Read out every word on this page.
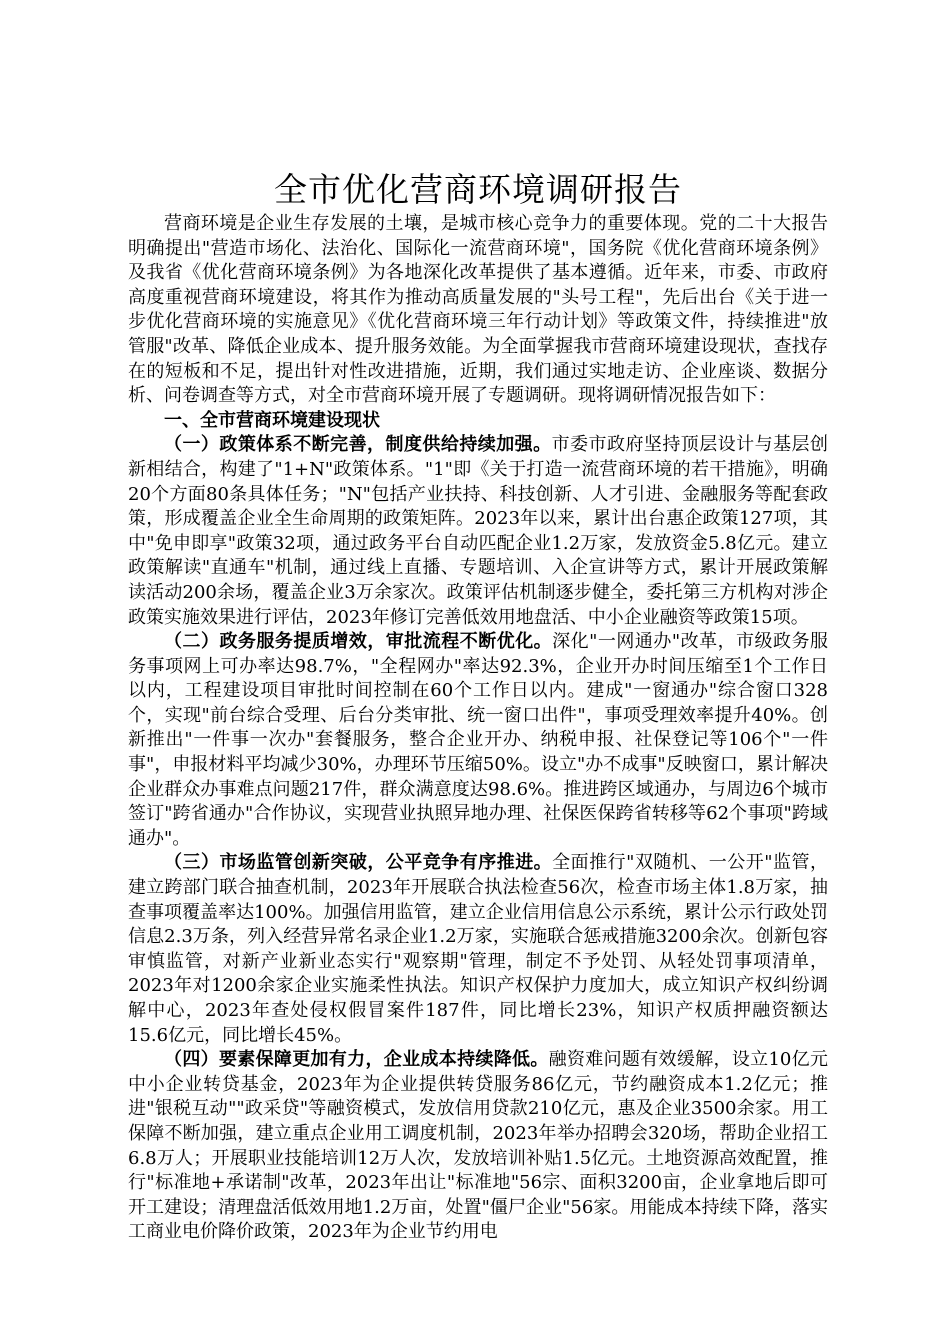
全市优化营商环境调研报告

营商环境是企业生存发展的土壤，是城市核心竞争力的重要体现。党的二十大报告明确提出"营造市场化、法治化、国际化一流营商环境"，国务院《优化营商环境条例》及我省《优化营商环境条例》为各地深化改革提供了基本遵循。近年来，市委、市政府高度重视营商环境建设，将其作为推动高质量发展的"头号工程"，先后出台《关于进一步优化营商环境的实施意见》《优化营商环境三年行动计划》等政策文件，持续推进"放管服"改革、降低企业成本、提升服务效能。为全面掌握我市营商环境建设现状，查找存在的短板和不足，提出针对性改进措施，近期，我们通过实地走访、企业座谈、数据分析、问卷调查等方式，对全市营商环境开展了专题调研。现将调研情况报告如下：

一、全市营商环境建设现状

（一）政策体系不断完善，制度供给持续加强。市委市政府坚持顶层设计与基层创新相结合，构建了"1+N"政策体系。"1"即《关于打造一流营商环境的若干措施》，明确20个方面80条具体任务；"N"包括产业扶持、科技创新、人才引进、金融服务等配套政策，形成覆盖企业全生命周期的政策矩阵。2023年以来，累计出台惠企政策127项，其中"免申即享"政策32项，通过政务平台自动匹配企业1.2万家，发放资金5.8亿元。建立政策解读"直通车"机制，通过线上直播、专题培训、入企宣讲等方式，累计开展政策解读活动200余场，覆盖企业3万余家次。政策评估机制逐步健全，委托第三方机构对涉企政策实施效果进行评估，2023年修订完善低效用地盘活、中小企业融资等政策15项。

（二）政务服务提质增效，审批流程不断优化。深化"一网通办"改革，市级政务服务事项网上可办率达98.7%，"全程网办"率达92.3%，企业开办时间压缩至1个工作日以内，工程建设项目审批时间控制在60个工作日以内。建成"一窗通办"综合窗口328个，实现"前台综合受理、后台分类审批、统一窗口出件"，事项受理效率提升40%。创新推出"一件事一次办"套餐服务，整合企业开办、纳税申报、社保登记等106个"一件事"，申报材料平均减少30%，办理环节压缩50%。设立"办不成事"反映窗口，累计解决企业群众办事难点问题217件，群众满意度达98.6%。推进跨区域通办，与周边6个城市签订"跨省通办"合作协议，实现营业执照异地办理、社保医保跨省转移等62个事项"跨域通办"。

（三）市场监管创新突破，公平竞争有序推进。全面推行"双随机、一公开"监管，建立跨部门联合抽查机制，2023年开展联合执法检查56次，检查市场主体1.8万家，抽查事项覆盖率达100%。加强信用监管，建立企业信用信息公示系统，累计公示行政处罚信息2.3万条，列入经营异常名录企业1.2万家，实施联合惩戒措施3200余次。创新包容审慎监管，对新产业新业态实行"观察期"管理，制定不予处罚、从轻处罚事项清单，2023年对1200余家企业实施柔性执法。知识产权保护力度加大，成立知识产权纠纷调解中心，2023年查处侵权假冒案件187件，同比增长23%，知识产权质押融资额达15.6亿元，同比增长45%。

（四）要素保障更加有力，企业成本持续降低。融资难问题有效缓解，设立10亿元中小企业转贷基金，2023年为企业提供转贷服务86亿元，节约融资成本1.2亿元；推进"银税互动""政采贷"等融资模式，发放信用贷款210亿元，惠及企业3500余家。用工保障不断加强，建立重点企业用工调度机制，2023年举办招聘会320场，帮助企业招工6.8万人；开展职业技能培训12万人次，发放培训补贴1.5亿元。土地资源高效配置，推行"标准地+承诺制"改革，2023年出让"标准地"56宗、面积3200亩，企业拿地后即可开工建设；清理盘活低效用地1.2万亩，处置"僵尸企业"56家。用能成本持续下降，落实工商业电价降价政策，2023年为企业节约用电
